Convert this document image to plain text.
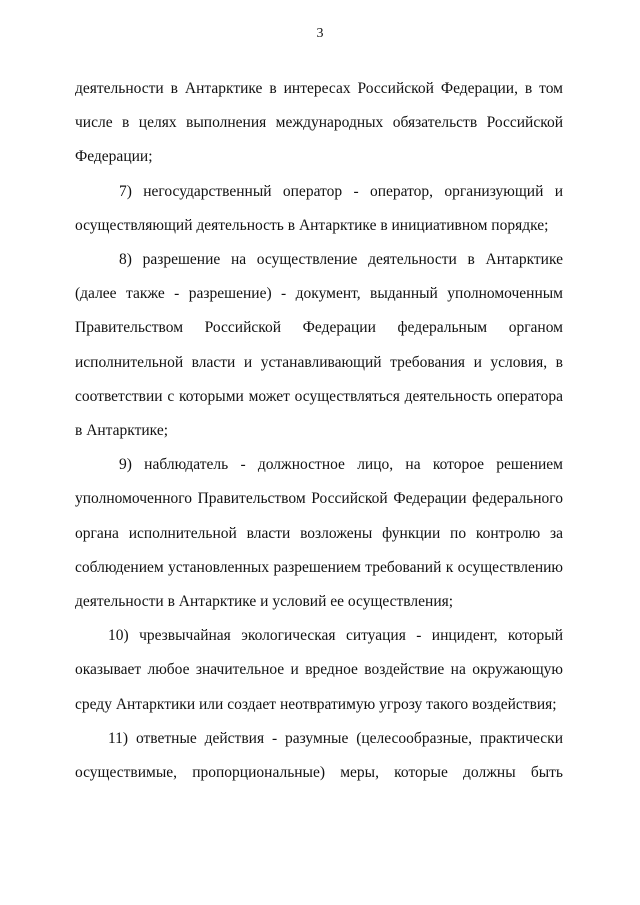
3

деятельности в Антарктике в интересах Российской Федерации, в том числе в целях выполнения международных обязательств Российской Федерации;

7) негосударственный оператор - оператор, организующий и осуществляющий деятельность в Антарктике в инициативном порядке;

8) разрешение на осуществление деятельности в Антарктике (далее также - разрешение) - документ, выданный уполномоченным Правительством Российской Федерации федеральным органом исполнительной власти и устанавливающий требования и условия, в соответствии с которыми может осуществляться деятельность оператора в Антарктике;

9) наблюдатель - должностное лицо, на которое решением уполномоченного Правительством Российской Федерации федерального органа исполнительной власти возложены функции по контролю за соблюдением установленных разрешением требований к осуществлению деятельности в Антарктике и условий ее осуществления;

10) чрезвычайная экологическая ситуация - инцидент, который оказывает любое значительное и вредное воздействие на окружающую среду Антарктики или создает неотвратимую угрозу такого воздействия;

11) ответные действия - разумные (целесообразные, практически осуществимые, пропорциональные) меры, которые должны быть
